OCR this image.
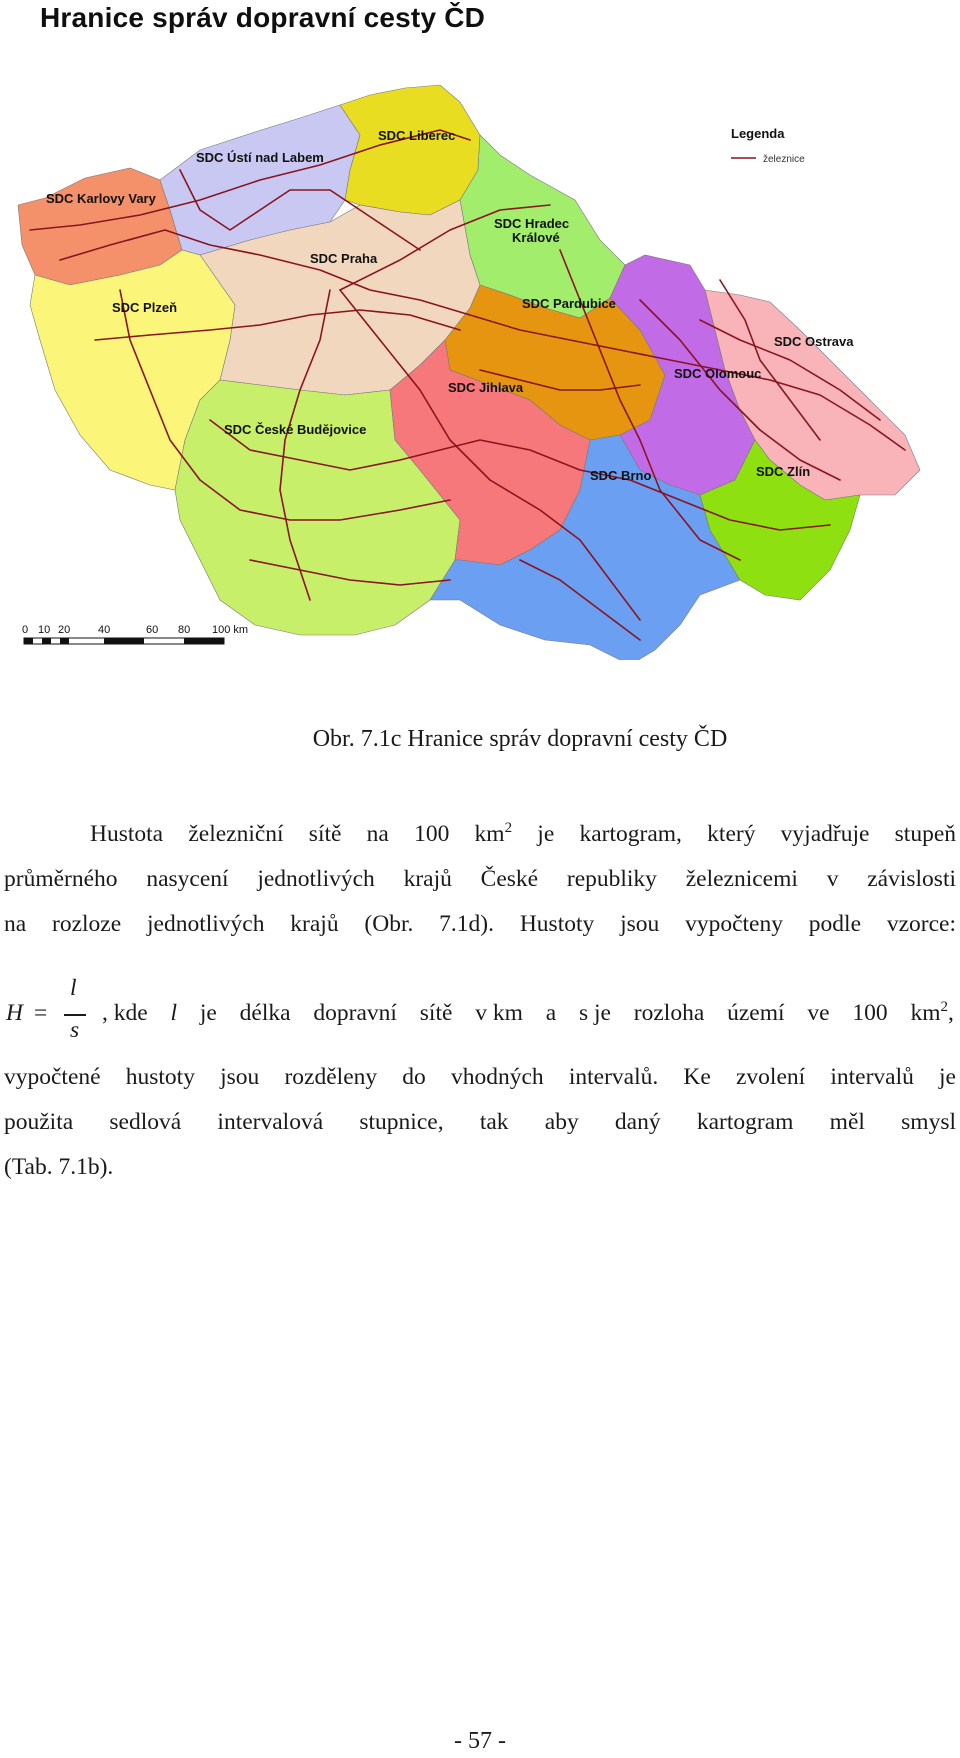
Hranice správ dopravní cesty ČD
SDC Karlovy Vary
SDC Ústí nad Labem
SDC Liberec
SDC Hradec
Králové
SDC Praha
SDC Plzeň	SDC Pardubice
SDC Olomouc
SDC Ostrava
SDC České Budějovice
SDC Jihlava
SDC Brno	SDC Zlín
Legenda
železnice
0 10 20	40	60 80 100 km

Obr. 7.1c Hranice správ dopravní cesty ČD

Hustota železniční sítě na 100 $km^2$ je kartogram, který vyjadřuje stupeň
průměrného nasycení jednotlivých krajů České republiky železnicemi v závislosti
na rozloze jednotlivých krajů (Obr. 7.1d). Hustoty jsou vypočteny podle vzorce:

H =
l
s
, kde l je délka dopravní sítě v km a s je rozloha území ve 100 $km^2$,

vypočtené hustoty jsou rozděleny do vhodných intervalů. Ke zvolení intervalů je
použita sedlová intervalová stupnice, tak aby daný kartogram měl smysl
(Tab. 7.1b).

- 57 -
